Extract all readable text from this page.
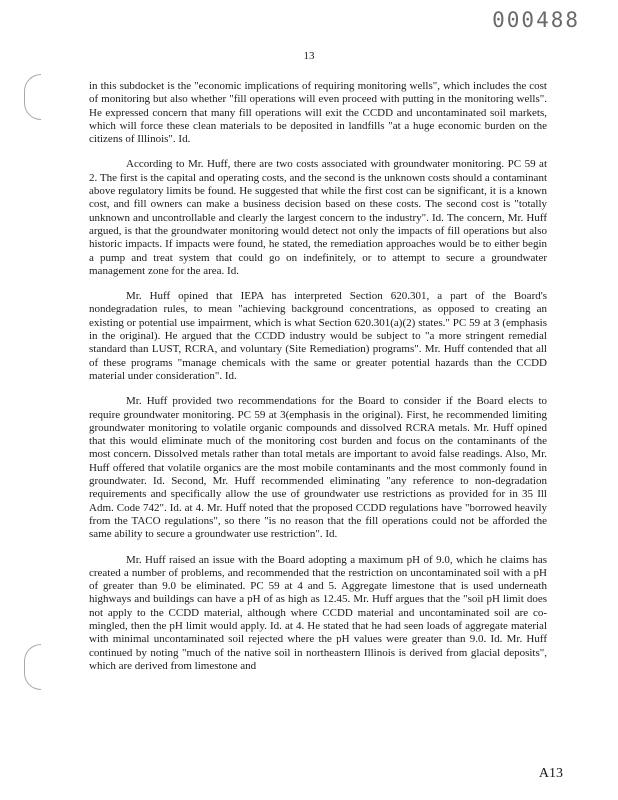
000488
13

in this subdocket is the "economic implications of requiring monitoring wells", which includes the cost of monitoring but also whether "fill operations will even proceed with putting in the monitoring wells". He expressed concern that many fill operations will exit the CCDD and uncontaminated soil markets, which will force these clean materials to be deposited in landfills "at a huge economic burden on the citizens of Illinois". Id.

According to Mr. Huff, there are two costs associated with groundwater monitoring. PC 59 at 2. The first is the capital and operating costs, and the second is the unknown costs should a contaminant above regulatory limits be found. He suggested that while the first cost can be significant, it is a known cost, and fill owners can make a business decision based on these costs. The second cost is "totally unknown and uncontrollable and clearly the largest concern to the industry". Id. The concern, Mr. Huff argued, is that the groundwater monitoring would detect not only the impacts of fill operations but also historic impacts. If impacts were found, he stated, the remediation approaches would be to either begin a pump and treat system that could go on indefinitely, or to attempt to secure a groundwater management zone for the area. Id.

Mr. Huff opined that IEPA has interpreted Section 620.301, a part of the Board's nondegradation rules, to mean "achieving background concentrations, as opposed to creating an existing or potential use impairment, which is what Section 620.301(a)(2) states." PC 59 at 3 (emphasis in the original). He argued that the CCDD industry would be subject to "a more stringent remedial standard than LUST, RCRA, and voluntary (Site Remediation) programs". Mr. Huff contended that all of these programs "manage chemicals with the same or greater potential hazards than the CCDD material under consideration". Id.

Mr. Huff provided two recommendations for the Board to consider if the Board elects to require groundwater monitoring. PC 59 at 3(emphasis in the original). First, he recommended limiting groundwater monitoring to volatile organic compounds and dissolved RCRA metals. Mr. Huff opined that this would eliminate much of the monitoring cost burden and focus on the contaminants of the most concern. Dissolved metals rather than total metals are important to avoid false readings. Also, Mr. Huff offered that volatile organics are the most mobile contaminants and the most commonly found in groundwater. Id. Second, Mr. Huff recommended eliminating "any reference to non-degradation requirements and specifically allow the use of groundwater use restrictions as provided for in 35 Ill Adm. Code 742". Id. at 4. Mr. Huff noted that the proposed CCDD regulations have "borrowed heavily from the TACO regulations", so there "is no reason that the fill operations could not be afforded the same ability to secure a groundwater use restriction". Id.

Mr. Huff raised an issue with the Board adopting a maximum pH of 9.0, which he claims has created a number of problems, and recommended that the restriction on uncontaminated soil with a pH of greater than 9.0 be eliminated. PC 59 at 4 and 5. Aggregate limestone that is used underneath highways and buildings can have a pH of as high as 12.45. Mr. Huff argues that the "soil pH limit does not apply to the CCDD material, although where CCDD material and uncontaminated soil are co-mingled, then the pH limit would apply. Id. at 4. He stated that he had seen loads of aggregate material with minimal uncontaminated soil rejected where the pH values were greater than 9.0. Id. Mr. Huff continued by noting "much of the native soil in northeastern Illinois is derived from glacial deposits", which are derived from limestone and

A13
